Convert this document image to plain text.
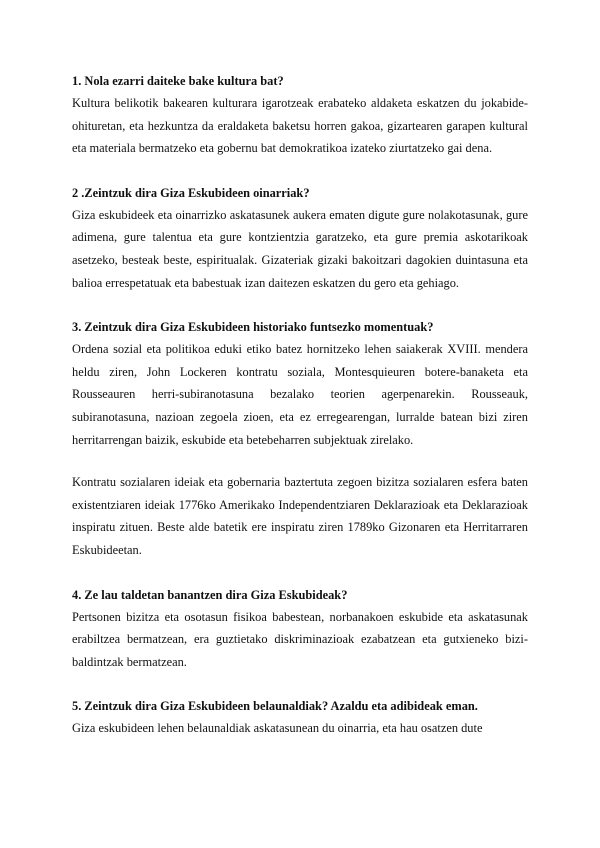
1. Nola ezarri daiteke bake kultura bat?

Kultura belikotik bakearen kulturara igarotzeak erabateko aldaketa eskatzen du jokabide-ohituretan, eta hezkuntza da eraldaketa baketsu horren gakoa, gizartearen garapen kultural eta materiala bermatzeko eta gobernu bat demokratikoa izateko ziurtatzeko gai dena.

2 .Zeintzuk dira Giza Eskubideen oinarriak?

Giza eskubideek eta oinarrizko askatasunek aukera ematen digute gure nolakotasunak, gure adimena, gure talentua eta gure kontzientzia garatzeko, eta gure premia askotarikoak asetzeko, besteak beste, espiritualak. Gizateriak gizaki bakoitzari dagokien duintasuna eta balioa errespetatuak eta babestuak izan daitezen eskatzen du gero eta gehiago.

3. Zeintzuk dira Giza Eskubideen historiako funtsezko momentuak?

Ordena sozial eta politikoa eduki etiko batez hornitzeko lehen saiakerak XVIII. mendera heldu ziren, John Lockeren kontratu soziala, Montesquieuren botere-banaketa eta Rousseauren herri-subiranotasuna bezalako teorien agerpenarekin. Rousseauk, subiranotasuna, nazioan zegoela zioen, eta ez erregearengan, lurralde batean bizi ziren herritarrengan baizik, eskubide eta betebeharren subjektuak zirelako.

Kontratu sozialaren ideiak eta gobernaria baztertuta zegoen bizitza sozialaren esfera baten existentziaren ideiak 1776ko Amerikako Independentziaren Deklarazioak eta Deklarazioak inspiratu zituen. Beste alde batetik ere inspiratu ziren 1789ko Gizonaren eta Herritarraren Eskubideetan.

4. Ze lau taldetan banantzen dira Giza Eskubideak?

Pertsonen bizitza eta osotasun fisikoa babestean, norbanakoen eskubide eta askatasunak erabiltzea bermatzean, era guztietako diskriminazioak ezabatzean eta gutxieneko bizi-baldintzak bermatzean.

5. Zeintzuk dira Giza Eskubideen belaunaldiak? Azaldu eta adibideak eman.

Giza eskubideen lehen belaunaldiak askatasunean du oinarria, eta hau osatzen dute
